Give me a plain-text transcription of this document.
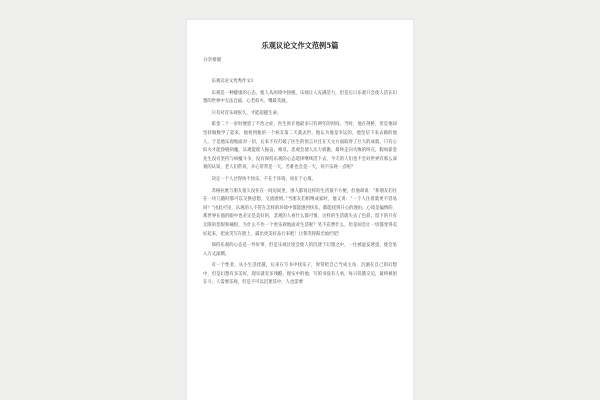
乐观议论文作文范例5篇
分享排版

乐观议论文优秀作文1

乐观是一种健康的心态，使人从困境中挣脱，乐观让人充满活力，但是后日乐观只会使人活在幻想的世界中无法自拔，心若似火，嘴最笑颜。

只有对首乐观很久，才能超越生命。

霍金二十一岁时便患了不治之症，医生预计他最多只有两年的时间，当时，他在剑桥，但是他却坚持做数学了起来，他看到他的一个病友第二天就去世，他认为他是幸运的，他坚信下来去做的他人，于是他乐观地面对一切，后来不仅打破了医生的预言并且在天文方面取得了巨大的成就，只有心似火才能挣脱病魔，乐观能使人振奋，相反，悲观会使人压力骄傲，最终走向失败的终点，假如霍金先生没有坚持与病魔斗争，没有保持乐观的心态选择继续活下去，今天的人们也不会对世界有那么深刻的认知，老人们常说，开心常常是一天，苦难也会是一天，何不乐观一点呢？

决定一个人过得快不快乐，不在于环境，而在于心境。

苏格拉底与朋友很久没住在一间房间里，别人都说这样的生活很不方便，但他却说：“和朋友们住在一块儿随时都可以交换思想，交流感情。”当朋友们相继成家时，他又说：“一个人住着就更不容易吗？”由此可见，乐观的人不管在怎样的环境中都能感到快乐，都能找到开心的理由，心境是偏惰的，那世界在他的眼中也必定是美好的，悲观的人看什么都可恨，这样的生活就失去了色彩，留下的只有无限的怨恨和痛恨，为什么不作一个更乐观地面对生活呢？笑不花费什么，但是却会让一切都变得美好起来，把欢笑写在脸上，露出更美好品行来吧！让我笑得阳光灿烂吧！

保持乐观的心态是一件好事，但是乐观过度会使人的沉迷于幻想之中，一往被虚妄迷惑，使会坠入万丈深渊。

有一个性者，从小生活优越，后来在写书中找乐子，时常把自己当成主角，沉湎在自己的幻想中，但是幻想有多美好，现实就有多残酷，现实中的他，写的书没有人看，每日饥饿交迫，最终被困在斗，人需要乐观，但是不可以沉迷其中，人也需要
